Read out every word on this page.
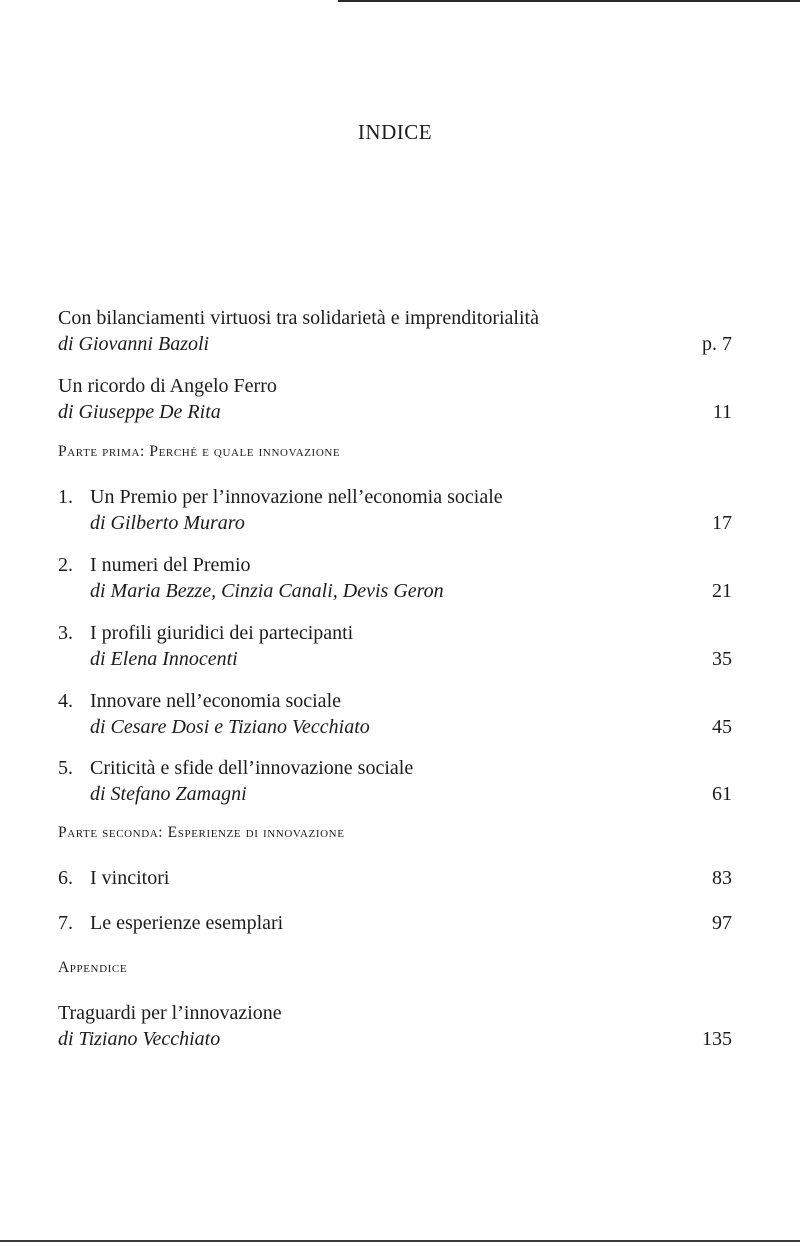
INDICE
Con bilanciamenti virtuosi tra solidarietà e imprenditorialità
di Giovanni Bazoli	p. 7
Un ricordo di Angelo Ferro
di Giuseppe De Rita	11
Parte prima: Perché e quale innovazione
1. Un Premio per l’innovazione nell’economia sociale
di Gilberto Muraro	17
2. I numeri del Premio
di Maria Bezze, Cinzia Canali, Devis Geron	21
3. I profili giuridici dei partecipanti
di Elena Innocenti	35
4. Innovare nell’economia sociale
di Cesare Dosi e Tiziano Vecchiato	45
5. Criticità e sfide dell’innovazione sociale
di Stefano Zamagni	61
Parte seconda: Esperienze di innovazione
6. I vincitori	83
7. Le esperienze esemplari	97
Appendice
Traguardi per l’innovazione
di Tiziano Vecchiato	135
